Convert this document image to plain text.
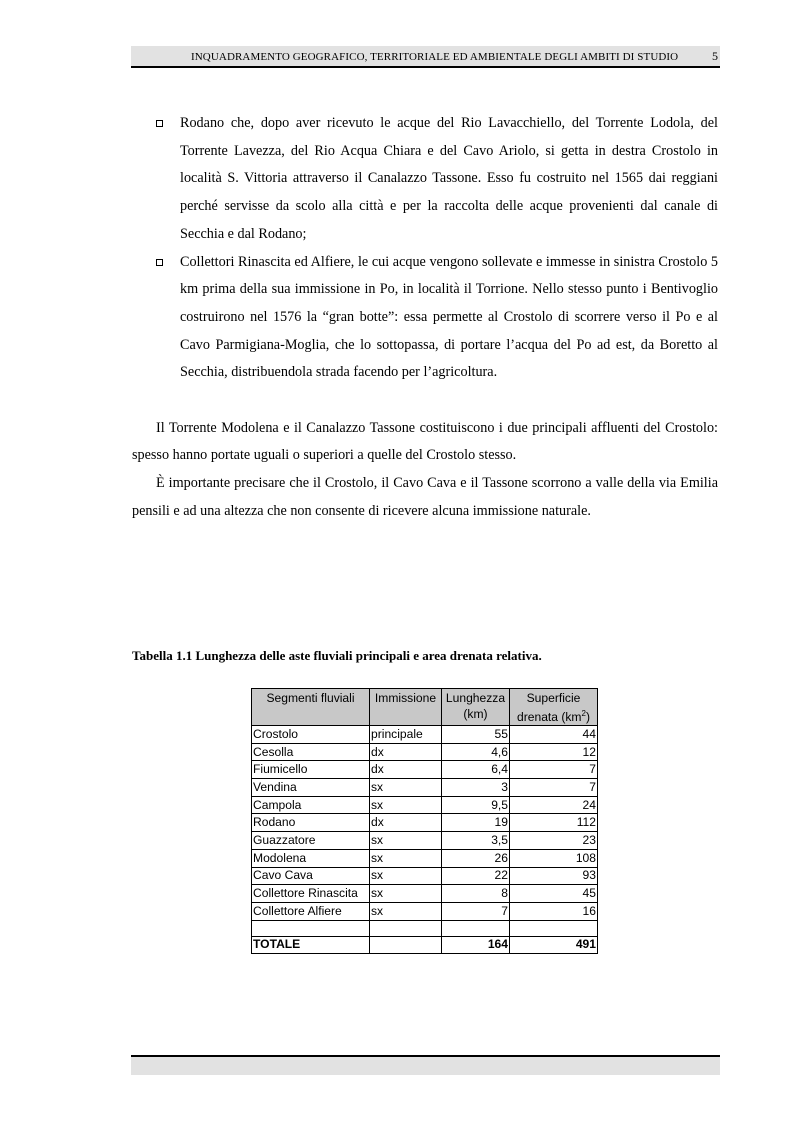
INQUADRAMENTO GEOGRAFICO, TERRITORIALE ED AMBIENTALE DEGLI AMBITI DI STUDIO	5
Rodano che, dopo aver ricevuto le acque del Rio Lavacchiello, del Torrente Lodola, del Torrente Lavezza, del Rio Acqua Chiara e del Cavo Ariolo, si getta in destra Crostolo in località S. Vittoria attraverso il Canalazzo Tassone. Esso fu costruito nel 1565 dai reggiani perché servisse da scolo alla città e per la raccolta delle acque provenienti dal canale di Secchia e dal Rodano;
Collettori Rinascita ed Alfiere, le cui acque vengono sollevate e immesse in sinistra Crostolo 5 km prima della sua immissione in Po, in località il Torrione. Nello stesso punto i Bentivoglio costruirono nel 1576 la “gran botte”: essa permette al Crostolo di scorrere verso il Po e al Cavo Parmigiana-Moglia, che lo sottopassa, di portare l’acqua del Po ad est, da Boretto al Secchia, distribuendola strada facendo per l’agricoltura.

Il Torrente Modolena e il Canalazzo Tassone costituiscono i due principali affluenti del Crostolo: spesso hanno portate uguali o superiori a quelle del Crostolo stesso.

È importante precisare che il Crostolo, il Cavo Cava e il Tassone scorrono a valle della via Emilia pensili e ad una altezza che non consente di ricevere alcuna immissione naturale.

Tabella 1.1 Lunghezza delle aste fluviali principali e area drenata relativa.
Segmenti fluviali	Immissione	Lunghezza (km)	Superficie drenata $(km^2)$
Crostolo	principale	55	44
Cesolla	dx	4,6	12
Fiumicello	dx	6,4	7
Vendina	sx	3	7
Campola	sx	9,5	24
Rodano	dx	19	112
Guazzatore	sx	3,5	23
Modolena	sx	26	108
Cavo Cava	sx	22	93
Collettore Rinascita	sx	8	45
Collettore Alfiere	sx	7	16

TOTALE		164	491
